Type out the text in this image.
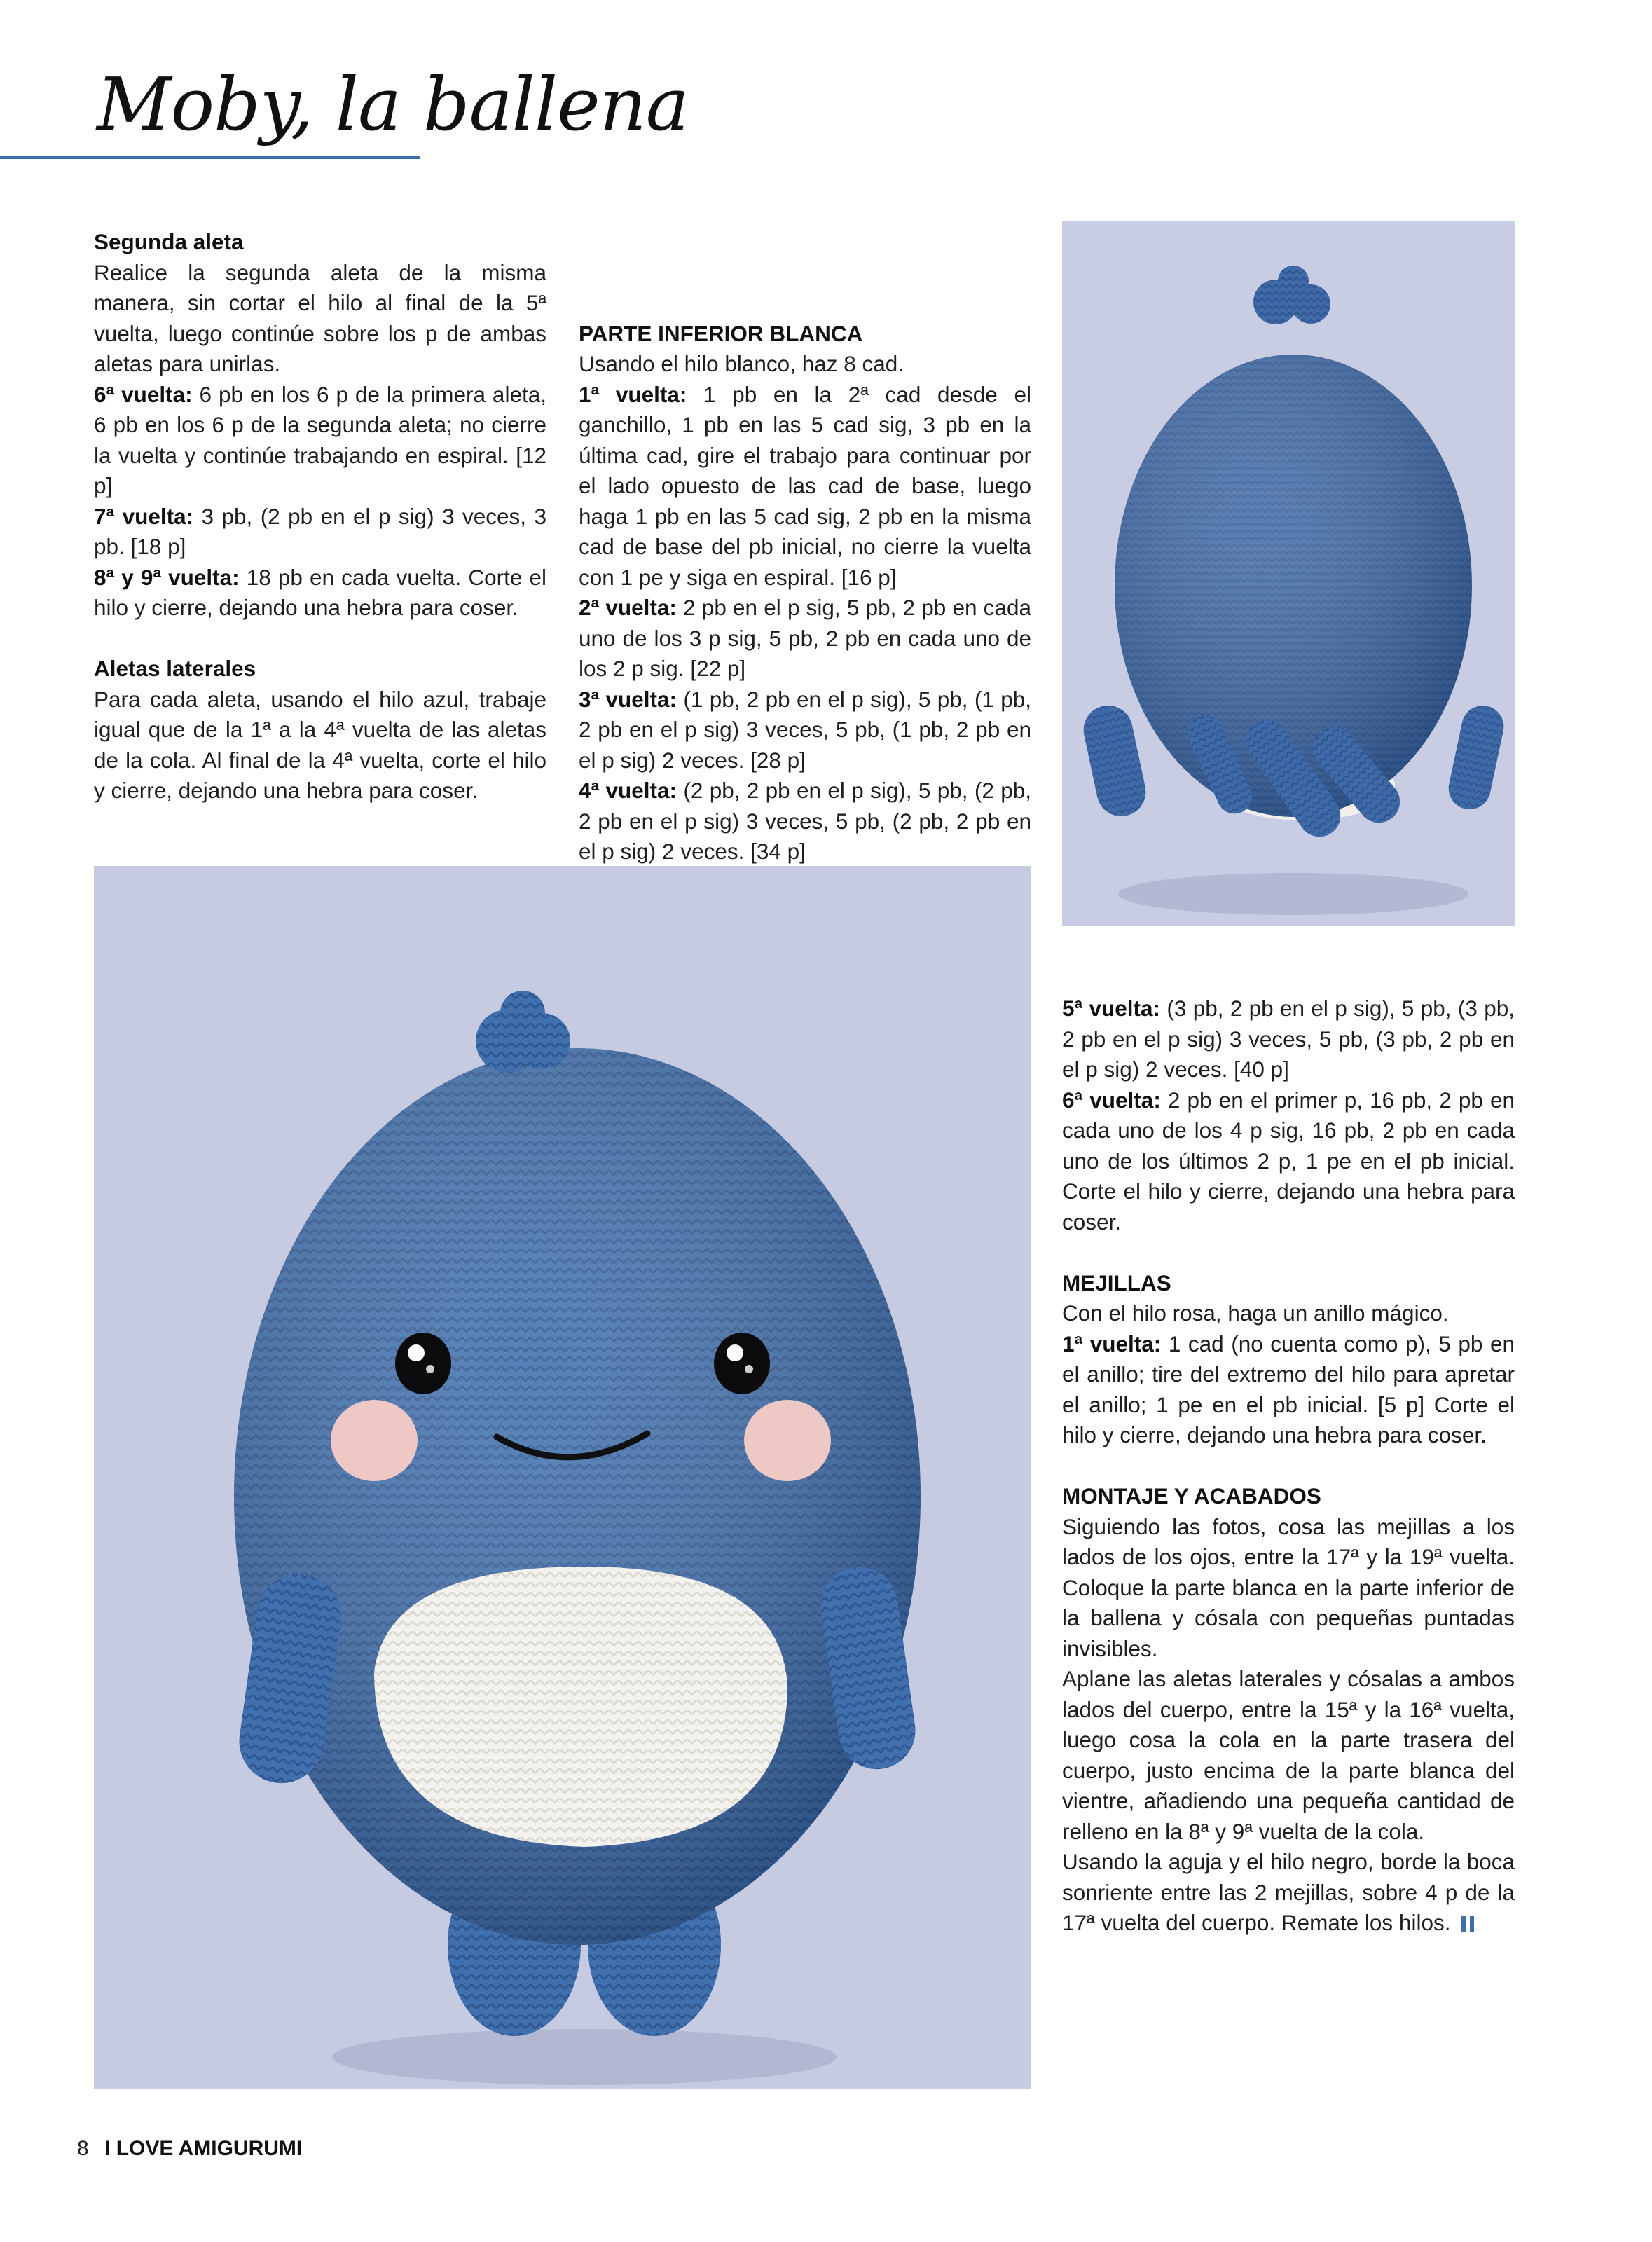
Moby, la ballena
Segunda aleta

Realice la segunda aleta de la misma manera, sin cortar el hilo al final de la 5ª vuelta, luego continúe sobre los p de ambas aletas para unirlas.

6ª vuelta: 6 pb en los 6 p de la primera aleta, 6 pb en los 6 p de la segunda aleta; no cierre la vuelta y continúe trabajando en espiral. [12 p]

7ª vuelta: 3 pb, (2 pb en el p sig) 3 veces, 3 pb. [18 p]

8ª y 9ª vuelta: 18 pb en cada vuelta. Corte el hilo y cierre, dejando una hebra para coser.

Aletas laterales

Para cada aleta, usando el hilo azul, trabaje igual que de la 1ª a la 4ª vuelta de las aletas de la cola. Al final de la 4ª vuelta, corte el hilo y cierre, dejando una hebra para coser.

PARTE INFERIOR BLANCA

Usando el hilo blanco, haz 8 cad.

1ª vuelta: 1 pb en la 2ª cad desde el ganchillo, 1 pb en las 5 cad sig, 3 pb en la última cad, gire el trabajo para continuar por el lado opuesto de las cad de base, luego haga 1 pb en las 5 cad sig, 2 pb en la misma cad de base del pb inicial, no cierre la vuelta con 1 pe y siga en espiral. [16 p]

2ª vuelta: 2 pb en el p sig, 5 pb, 2 pb en cada uno de los 3 p sig, 5 pb, 2 pb en cada uno de los 2 p sig. [22 p]

3ª vuelta: (1 pb, 2 pb en el p sig), 5 pb, (1 pb, 2 pb en el p sig) 3 veces, 5 pb, (1 pb, 2 pb en el p sig) 2 veces. [28 p]

4ª vuelta: (2 pb, 2 pb en el p sig), 5 pb, (2 pb, 2 pb en el p sig) 3 veces, 5 pb, (2 pb, 2 pb en el p sig) 2 veces. [34 p]

5ª vuelta: (3 pb, 2 pb en el p sig), 5 pb, (3 pb, 2 pb en el p sig) 3 veces, 5 pb, (3 pb, 2 pb en el p sig) 2 veces. [40 p]

6ª vuelta: 2 pb en el primer p, 16 pb, 2 pb en cada uno de los 4 p sig, 16 pb, 2 pb en cada uno de los últimos 2 p, 1 pe en el pb inicial. Corte el hilo y cierre, dejando una hebra para coser.

MEJILLAS

Con el hilo rosa, haga un anillo mágico.

1ª vuelta: 1 cad (no cuenta como p), 5 pb en el anillo; tire del extremo del hilo para apretar el anillo; 1 pe en el pb inicial. [5 p] Corte el hilo y cierre, dejando una hebra para coser.

MONTAJE Y ACABADOS

Siguiendo las fotos, cosa las mejillas a los lados de los ojos, entre la 17ª y la 19ª vuelta. Coloque la parte blanca en la parte inferior de la ballena y cósala con pequeñas puntadas invisibles.

Aplane las aletas laterales y cósalas a ambos lados del cuerpo, entre la 15ª y la 16ª vuelta, luego cosa la cola en la parte trasera del cuerpo, justo encima de la parte blanca del vientre, añadiendo una pequeña cantidad de relleno en la 8ª y 9ª vuelta de la cola.

Usando la aguja y el hilo negro, borde la boca sonriente entre las 2 mejillas, sobre 4 p de la 17ª vuelta del cuerpo. Remate los hilos.

8 I LOVE AMIGURUMI
